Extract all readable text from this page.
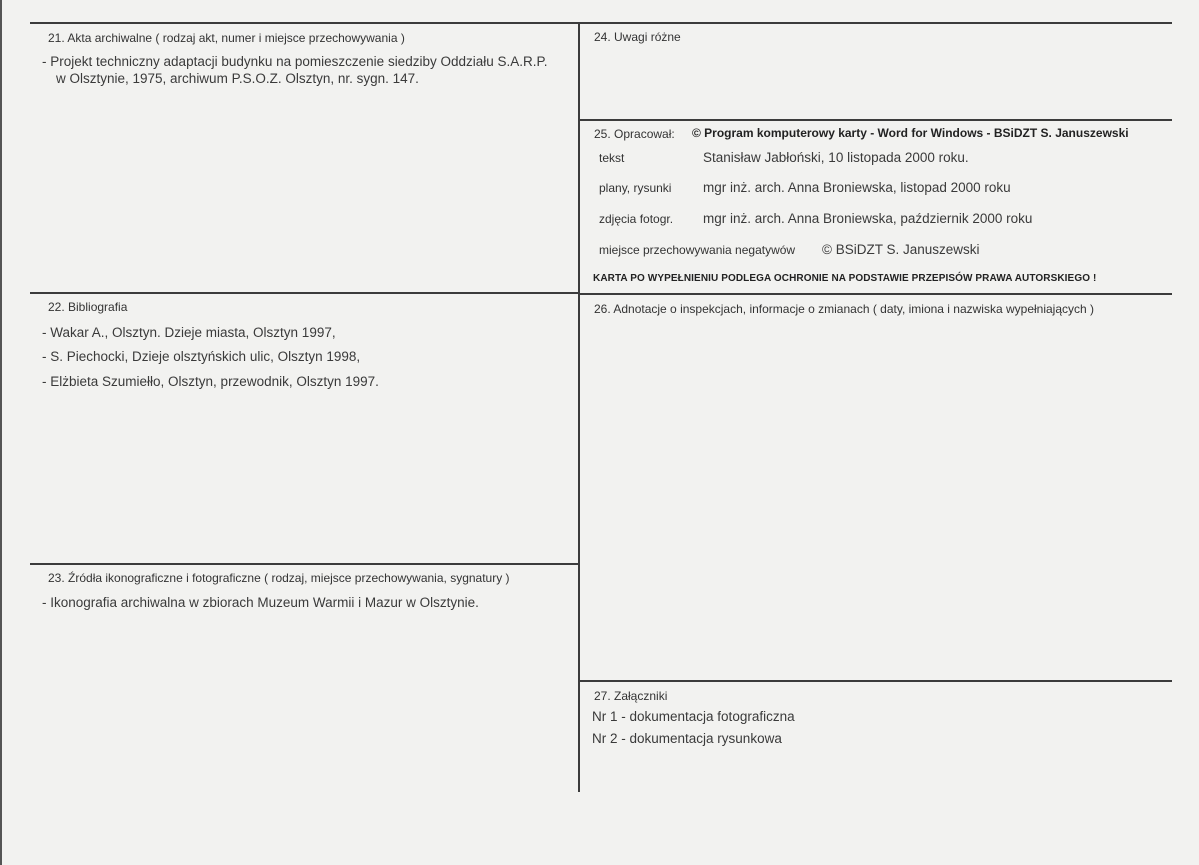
21. Akta archiwalne ( rodzaj akt, numer i miejsce przechowywania )
- Projekt techniczny adaptacji budynku na pomieszczenie siedziby Oddziału S.A.R.P.
w Olsztynie, 1975, archiwum P.S.O.Z. Olsztyn, nr. sygn. 147.
22. Bibliografia
- Wakar A., Olsztyn. Dzieje miasta, Olsztyn 1997,
- S. Piechocki, Dzieje olsztyńskich ulic, Olsztyn 1998,
- Elżbieta Szumiełło, Olsztyn, przewodnik, Olsztyn 1997.
23. Źródła ikonograficzne i fotograficzne ( rodzaj, miejsce przechowywania, sygnatury )
- Ikonografia archiwalna w zbiorach Muzeum Warmii i Mazur w Olsztynie.
24. Uwagi różne
25. Opracował: © Program komputerowy karty - Word for Windows - BSiDZT S. Januszewski
tekst	Stanisław Jabłoński, 10 listopada 2000 roku.
plany, rysunki mgr inż. arch. Anna Broniewska, listopad 2000 roku
zdjęcia fotogr. mgr inż. arch. Anna Broniewska, październik 2000 roku
miejsce przechowywania negatywów © BSiDZT S. Januszewski
KARTA PO WYPEŁNIENIU PODLEGA OCHRONIE NA PODSTAWIE PRZEPISÓW PRAWA AUTORSKIEGO !
26. Adnotacje o inspekcjach, informacje o zmianach ( daty, imiona i nazwiska wypełniających )
27. Załączniki
Nr 1 - dokumentacja fotograficzna
Nr 2 - dokumentacja rysunkowa
